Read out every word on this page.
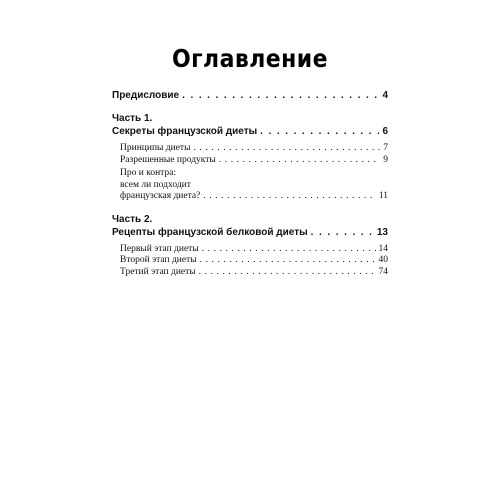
Оглавление
Предисловие . . .	4
Часть 1.
Секреты французской диеты . . .	6
Принципы диеты . . .	7
Разрешенные продукты . . .	9
Про и контра:
всем ли подходит
французская диета? . . .	11
Часть 2.
Рецепты французской белковой диеты . . .	13
Первый этап диеты . . .	14
Второй этап диеты . . .	40
Третий этап диеты . . .	74
